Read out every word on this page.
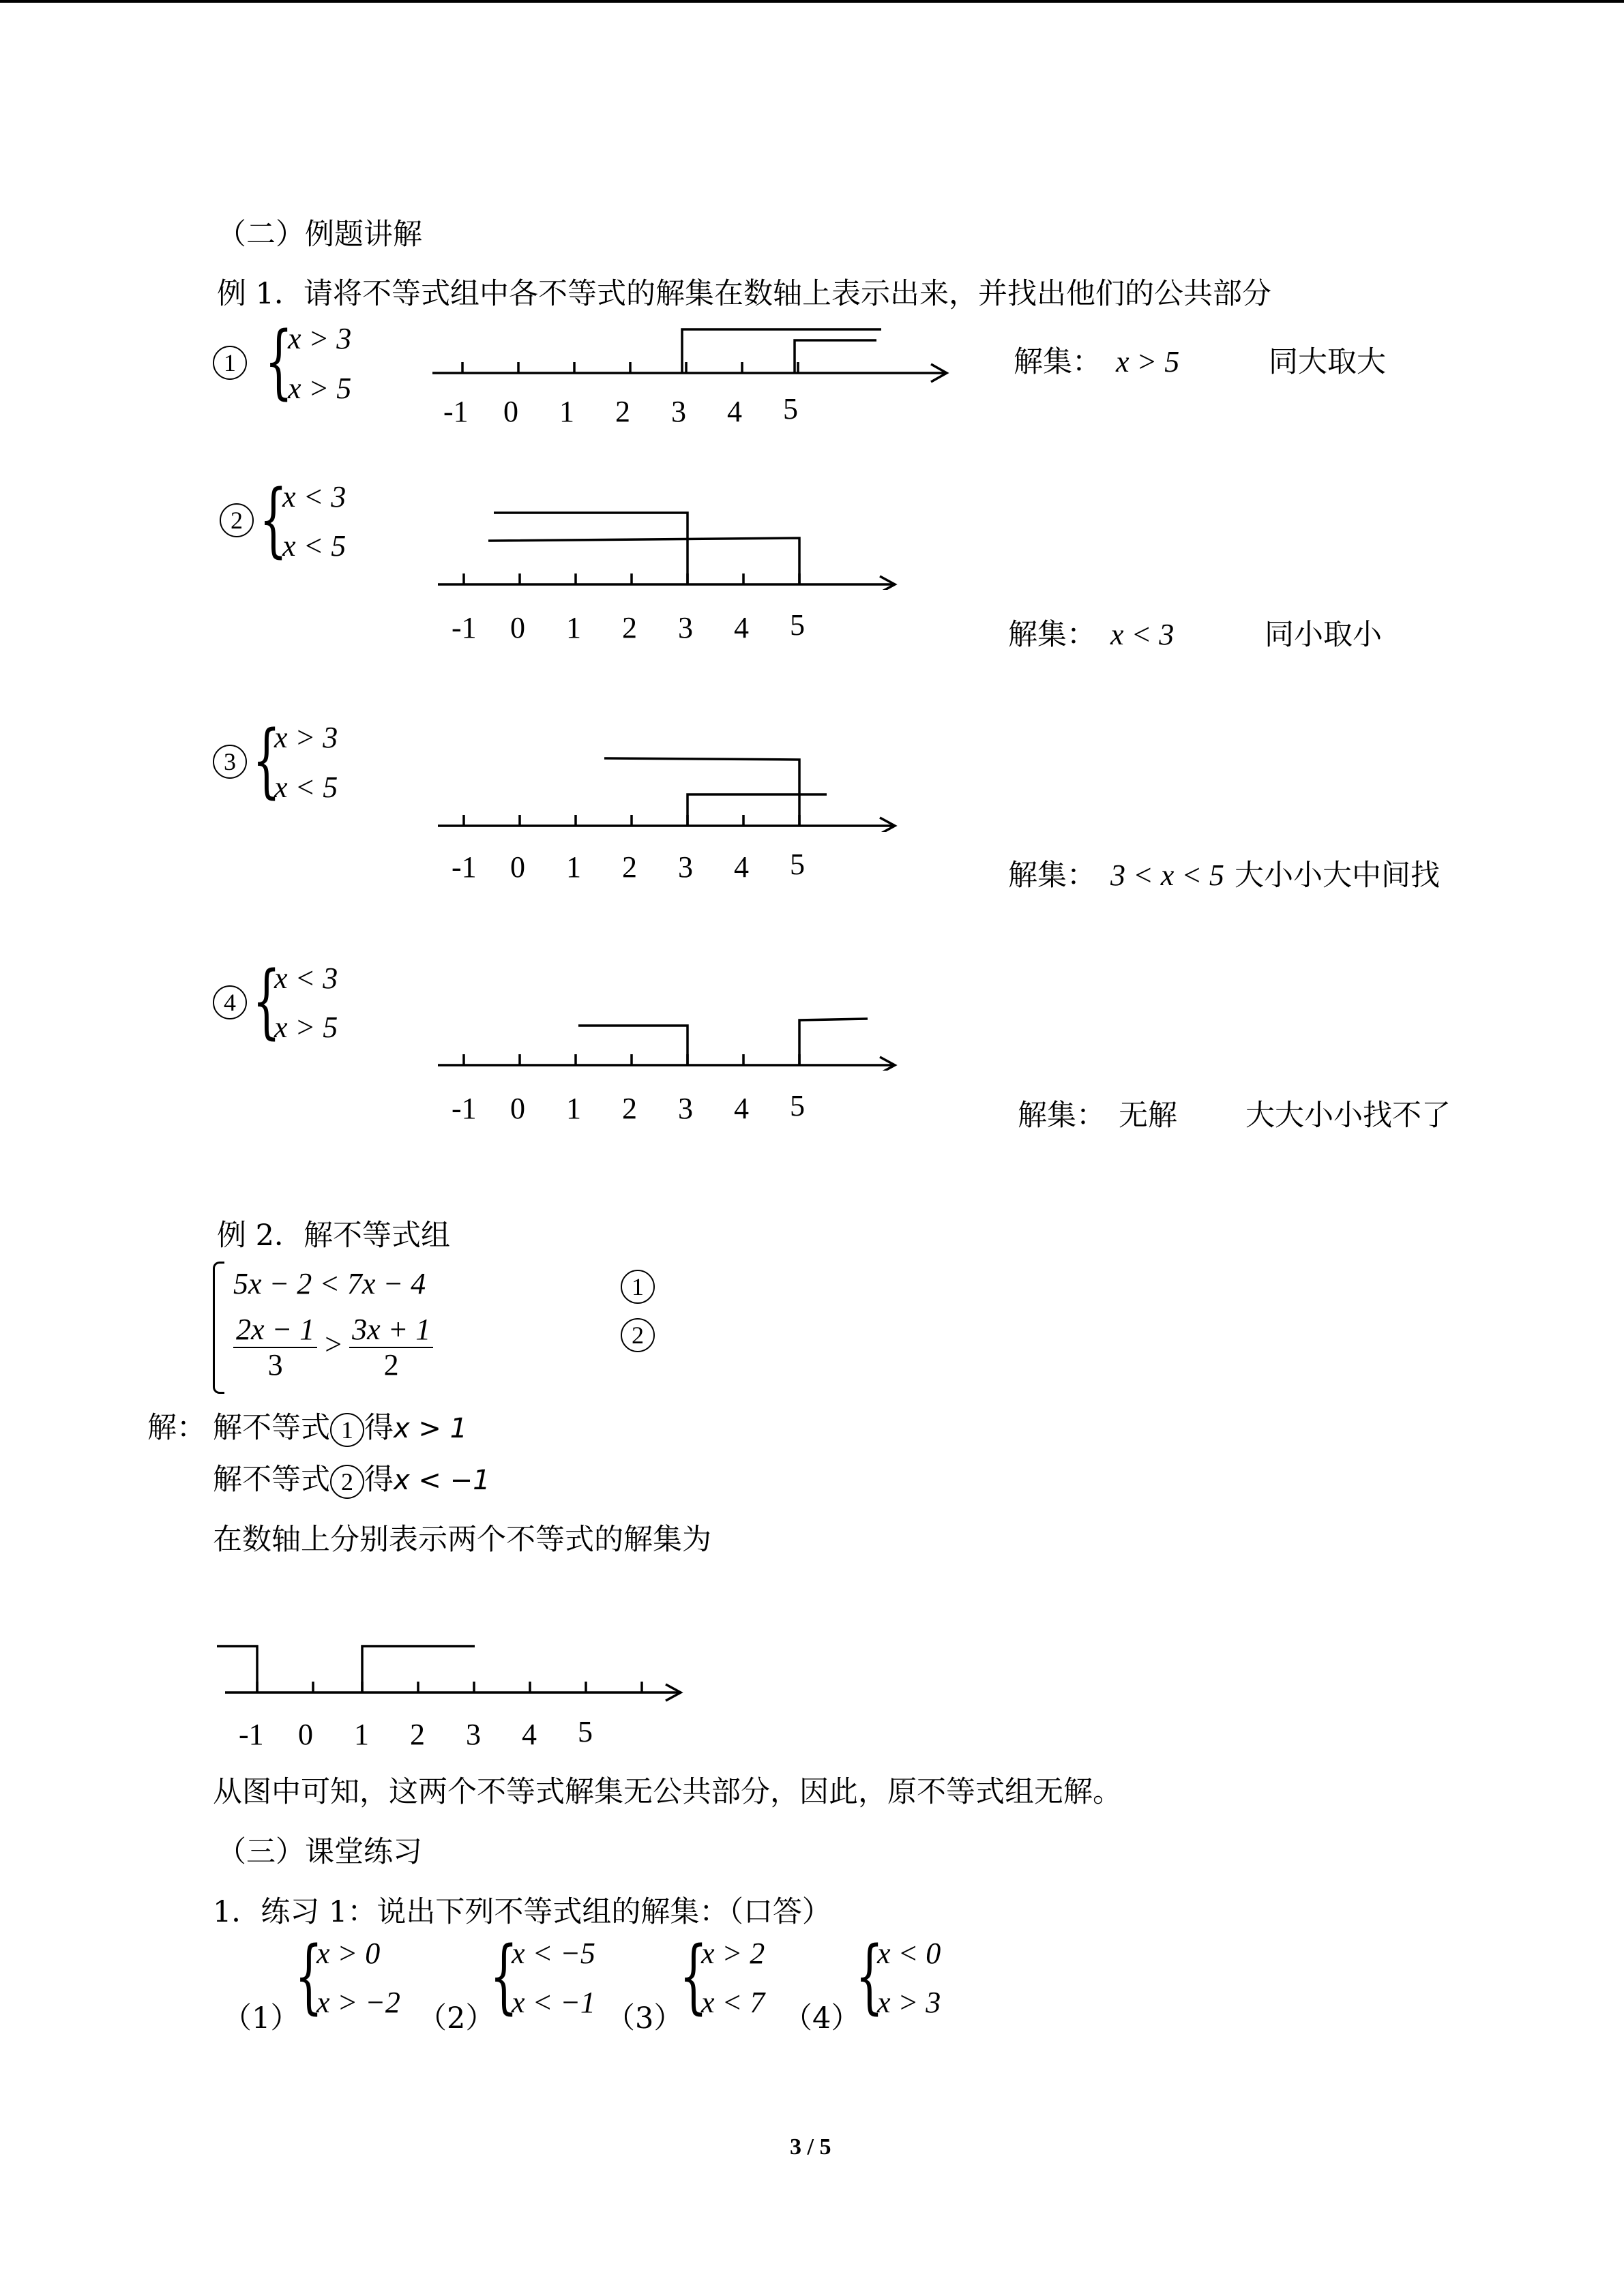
（二）例题讲解
例 1．请将不等式组中各不等式的解集在数轴上表示出来，并找出他们的公共部分
1 {
x > 3
x > 5
-1 0 1 2 3 4 5
解集： x > 5	同大取大
2 {
x < 3
x < 5
-1 0 1 2 3 4 5	解集： x < 3	同小取小
3 {
x > 3
x < 5
-1 0 1 2 3 4 5	解集： 3 < x < 5 大小小大中间找
4 {
x < 3
x > 5
-1 0 1 2 3 4 5	解集： 无解 大大小小找不了
例 2．解不等式组
5x − 2 < 7x − 4
$\frac{2x - 1}{3} > \frac{3x + 1}{2}$
1
2
解： 解不等式 1 得x > 1
解不等式 2 得x < −1
在数轴上分别表示两个不等式的解集为
-1 0 1 2 3 4 5
从图中可知，这两个不等式解集无公共部分，因此，原不等式组无解。
（三）课堂练习
1．练习 1：说出下列不等式组的解集：（口答）
（1）
{
x > 0
x > −2 （2）
{
x < −5
x < −1 （3）
{
x > 2
x < 7 （4）
{
x < 0
x > 3
3 / 5
